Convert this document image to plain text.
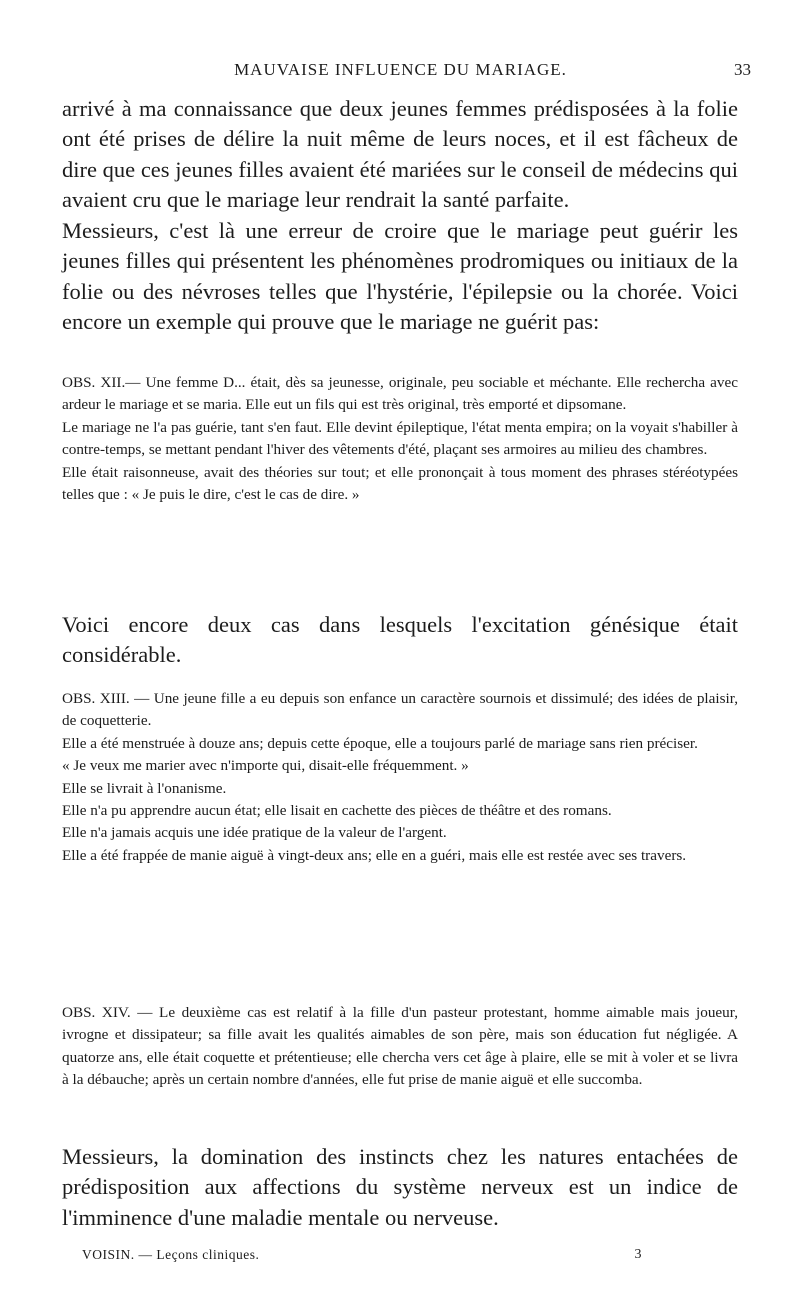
MAUVAISE INFLUENCE DU MARIAGE.	33

arrivé à ma connaissance que deux jeunes femmes prédisposées à la folie ont été prises de délire la nuit même de leurs noces, et il est fâcheux de dire que ces jeunes filles avaient été mariées sur le conseil de médecins qui avaient cru que le mariage leur rendrait la santé parfaite.

Messieurs, c'est là une erreur de croire que le mariage peut guérir les jeunes filles qui présentent les phénomènes prodromiques ou initiaux de la folie ou des névroses telles que l'hystérie, l'épilepsie ou la chorée. Voici encore un exemple qui prouve que le mariage ne guérit pas:

OBS. XII.— Une femme D... était, dès sa jeunesse, originale, peu sociable et méchante. Elle rechercha avec ardeur le mariage et se maria. Elle eut un fils qui est très original, très emporté et dipsomane.

Le mariage ne l'a pas guérie, tant s'en faut. Elle devint épileptique, l'état menta empira; on la voyait s'habiller à contre-temps, se mettant pendant l'hiver des vêtements d'été, plaçant ses armoires au milieu des chambres.

Elle était raisonneuse, avait des théories sur tout; et elle prononçait à tous moment des phrases stéréotypées telles que : « Je puis le dire, c'est le cas de dire. »

Voici encore deux cas dans lesquels l'excitation génésique était considérable.

OBS. XIII. — Une jeune fille a eu depuis son enfance un caractère sournois et dissimulé; des idées de plaisir, de coquetterie.

Elle a été menstruée à douze ans; depuis cette époque, elle a toujours parlé de mariage sans rien préciser.

« Je veux me marier avec n'importe qui, disait-elle fréquemment. »

Elle se livrait à l'onanisme.

Elle n'a pu apprendre aucun état; elle lisait en cachette des pièces de théâtre et des romans.

Elle n'a jamais acquis une idée pratique de la valeur de l'argent.

Elle a été frappée de manie aiguë à vingt-deux ans; elle en a guéri, mais elle est restée avec ses travers.

OBS. XIV. — Le deuxième cas est relatif à la fille d'un pasteur protestant, homme aimable mais joueur, ivrogne et dissipateur; sa fille avait les qualités aimables de son père, mais son éducation fut négligée. A quatorze ans, elle était coquette et prétentieuse; elle chercha vers cet âge à plaire, elle se mit à voler et se livra à la débauche; après un certain nombre d'années, elle fut prise de manie aiguë et elle succomba.

Messieurs, la domination des instincts chez les natures entachées de prédisposition aux affections du système nerveux est un indice de l'imminence d'une maladie mentale ou nerveuse.

VOISIN. — Leçons cliniques.	3
